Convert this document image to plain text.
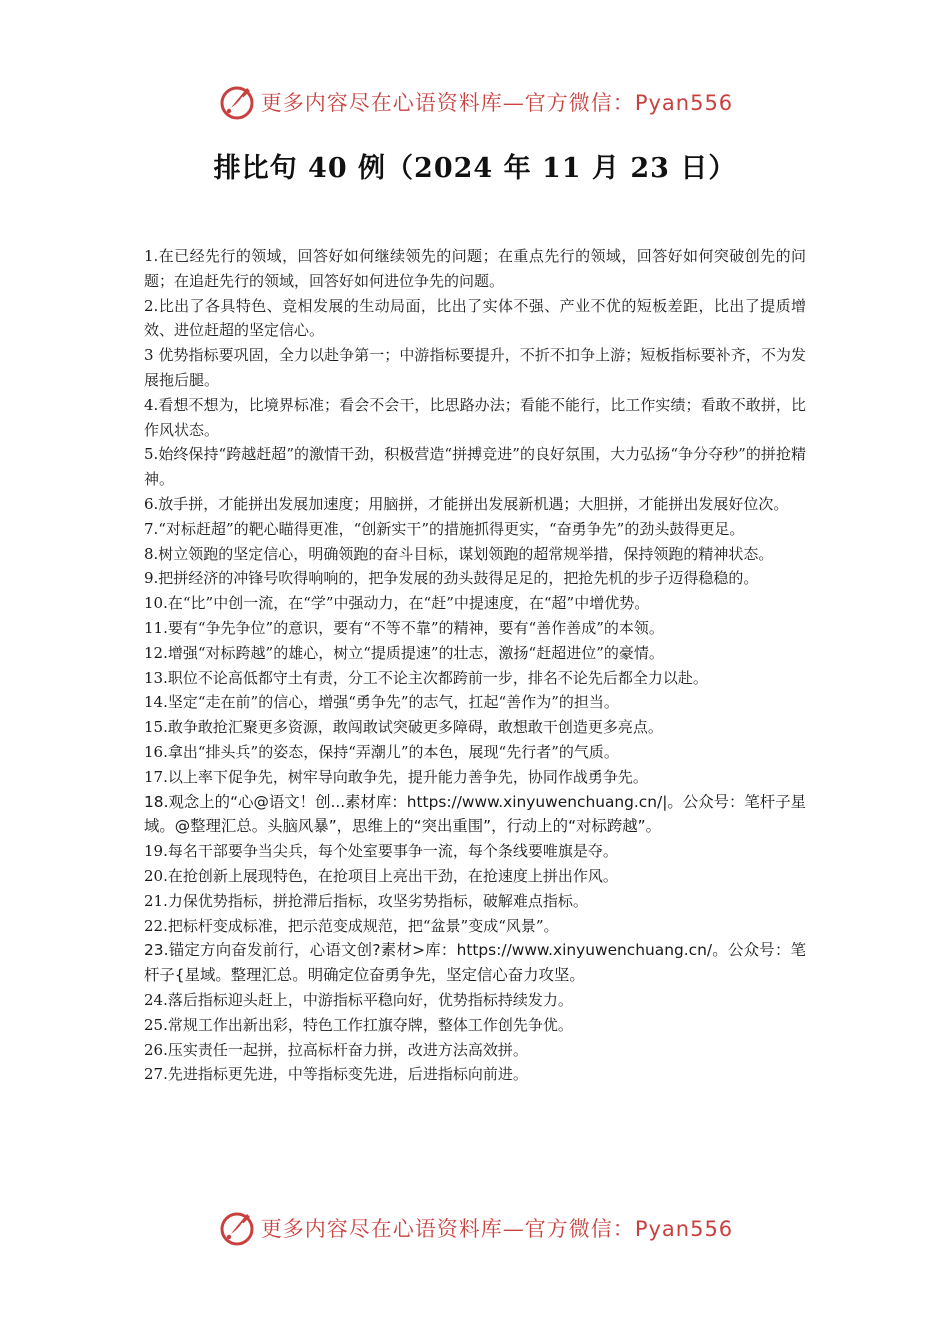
更多内容尽在心语资料库—官方微信：Pyan556
排比句 40 例（2024 年 11 月 23 日）

1.在已经先行的领域，回答好如何继续领先的问题；在重点先行的领域，回答好如何突破创先的问题；在追赶先行的领域，回答好如何进位争先的问题。

2.比出了各具特色、竞相发展的生动局面，比出了实体不强、产业不优的短板差距，比出了提质增效、进位赶超的坚定信心。

3 优势指标要巩固，全力以赴争第一；中游指标要提升，不折不扣争上游；短板指标要补齐，不为发展拖后腿。

4.看想不想为，比境界标准；看会不会干，比思路办法；看能不能行，比工作实绩；看敢不敢拼，比作风状态。

5.始终保持“跨越赶超”的激情干劲，积极营造“拼搏竞进”的良好氛围，大力弘扬“争分夺秒”的拼抢精神。

6.放手拼，才能拼出发展加速度；用脑拼，才能拼出发展新机遇；大胆拼，才能拼出发展好位次。

7.“对标赶超”的靶心瞄得更准，“创新实干”的措施抓得更实，“奋勇争先”的劲头鼓得更足。

8.树立领跑的坚定信心，明确领跑的奋斗目标，谋划领跑的超常规举措，保持领跑的精神状态。

9.把拼经济的冲锋号吹得响响的，把争发展的劲头鼓得足足的，把抢先机的步子迈得稳稳的。

10.在“比”中创一流，在“学”中强动力，在“赶”中提速度，在“超”中增优势。

11.要有“争先争位”的意识，要有“不等不靠”的精神，要有“善作善成”的本领。

12.增强“对标跨越”的雄心，树立“提质提速”的壮志，激扬“赶超进位”的豪情。

13.职位不论高低都守土有责，分工不论主次都跨前一步，排名不论先后都全力以赴。

14.坚定“走在前”的信心，增强“勇争先”的志气，扛起“善作为”的担当。

15.敢争敢抢汇聚更多资源，敢闯敢试突破更多障碍，敢想敢干创造更多亮点。

16.拿出“排头兵”的姿态，保持“弄潮儿”的本色，展现“先行者”的气质。

17.以上率下促争先，树牢导向敢争先，提升能力善争先，协同作战勇争先。

18.观念上的“心@语文！创...素材库：https://www.xinyuwenchuang.cn/|。公众号：笔杆子星域。@整理汇总。头脑风暴”，思维上的“突出重围”，行动上的“对标跨越”。

19.每名干部要争当尖兵，每个处室要事争一流，每个条线要唯旗是夺。

20.在抢创新上展现特色，在抢项目上亮出干劲，在抢速度上拼出作风。

21.力保优势指标，拼抢滞后指标，攻坚劣势指标，破解难点指标。

22.把标杆变成标准，把示范变成规范，把“盆景”变成“风景”。

23.锚定方向奋发前行，心语文创?素材>库：https://www.xinyuwenchuang.cn/。公众号：笔杆子{星域。整理汇总。明确定位奋勇争先，坚定信心奋力攻坚。

24.落后指标迎头赶上，中游指标平稳向好，优势指标持续发力。

25.常规工作出新出彩，特色工作扛旗夺牌，整体工作创先争优。

26.压实责任一起拼，拉高标杆奋力拼，改进方法高效拼。

27.先进指标更先进，中等指标变先进，后进指标向前进。

更多内容尽在心语资料库—官方微信：Pyan556
